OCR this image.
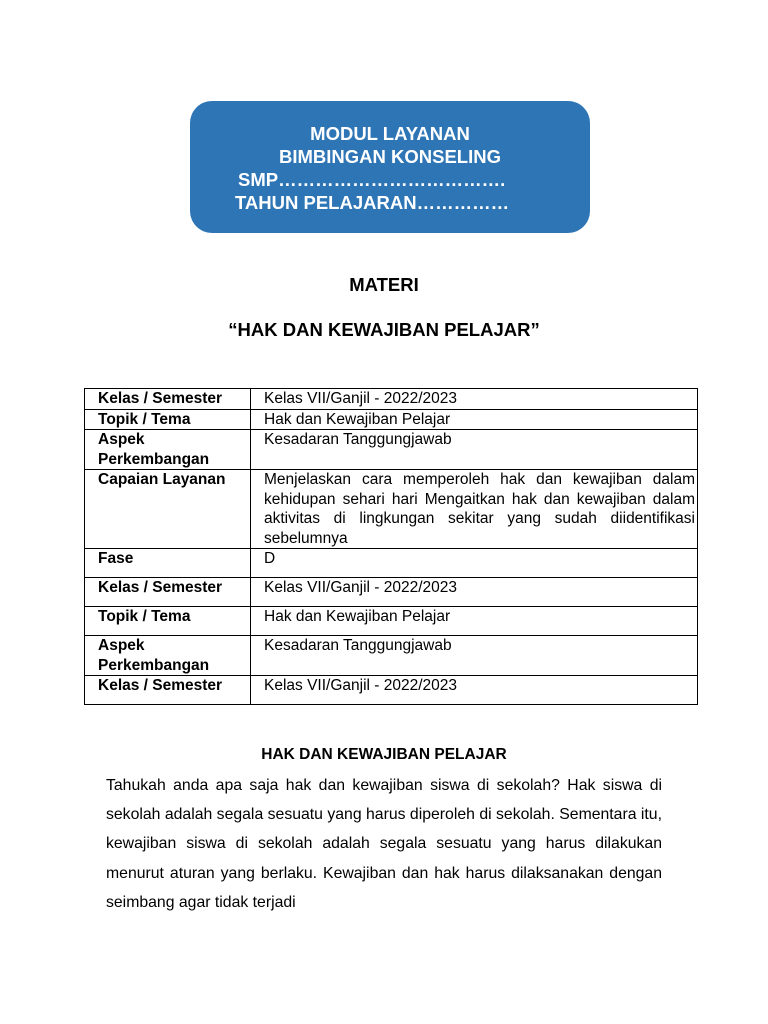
MODUL LAYANAN
BIMBINGAN KONSELING
SMP……………………………….
TAHUN PELAJARAN……………
MATERI
“HAK DAN KEWAJIBAN PELAJAR”
Kelas / Semester	Kelas VII/Ganjil - 2022/2023
Topik / Tema	Hak dan Kewajiban Pelajar
Aspek Perkembangan	Kesadaran Tanggungjawab
Capaian Layanan	Menjelaskan cara memperoleh hak dan kewajiban dalam kehidupan sehari hari Mengaitkan hak dan kewajiban dalam aktivitas di lingkungan sekitar yang sudah diidentifikasi sebelumnya
Fase	D
Kelas / Semester	Kelas VII/Ganjil - 2022/2023
Topik / Tema	Hak dan Kewajiban Pelajar
Aspek Perkembangan	Kesadaran Tanggungjawab
Kelas / Semester	Kelas VII/Ganjil - 2022/2023
HAK DAN KEWAJIBAN PELAJAR

Tahukah anda apa saja hak dan kewajiban siswa di sekolah? Hak siswa di sekolah adalah segala sesuatu yang harus diperoleh di sekolah. Sementara itu, kewajiban siswa di sekolah adalah segala sesuatu yang harus dilakukan menurut aturan yang berlaku. Kewajiban dan hak harus dilaksanakan dengan seimbang agar tidak terjadi
